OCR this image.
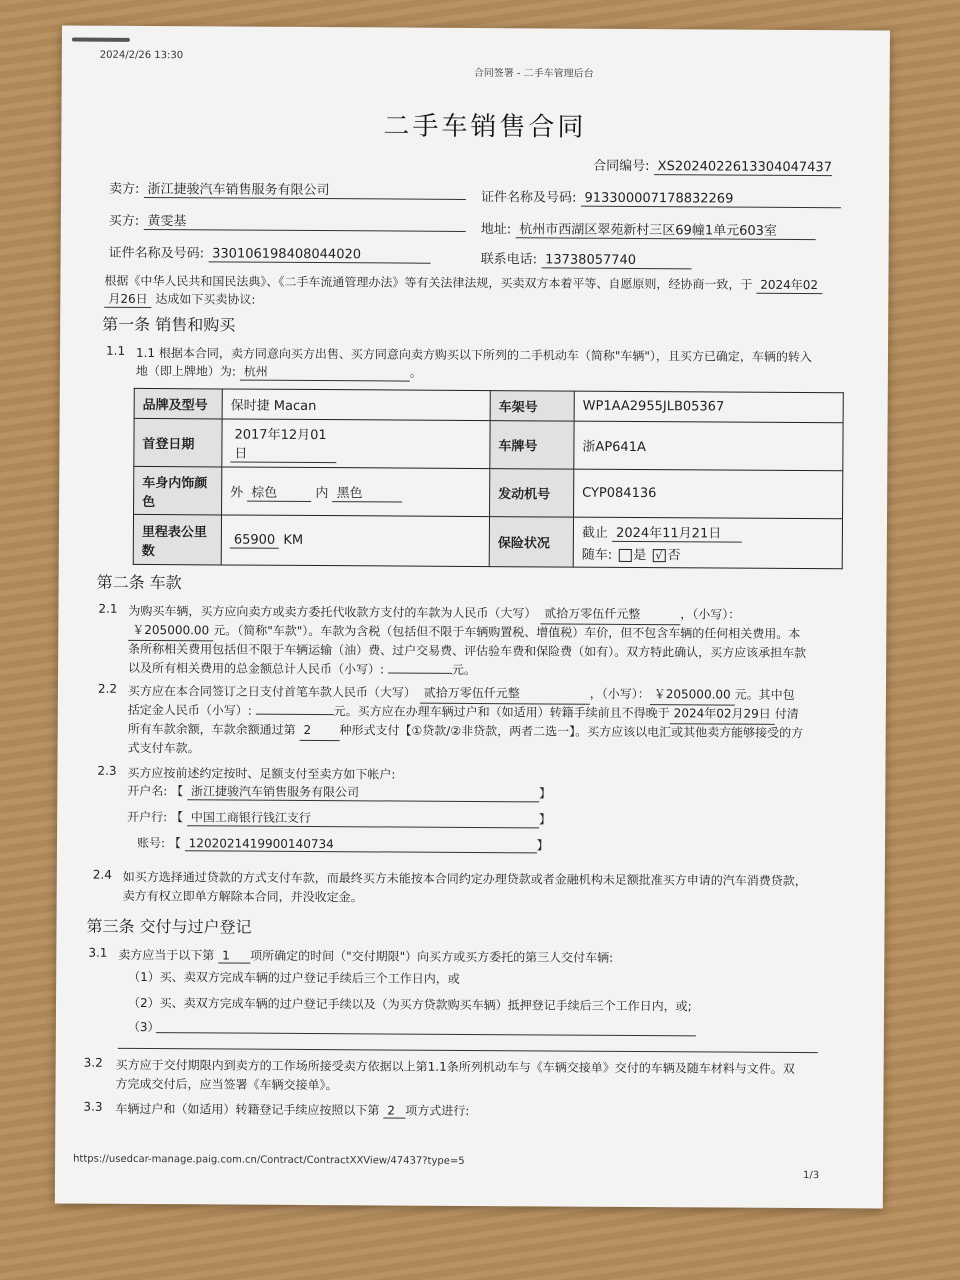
2024/2/26 13:30
合同签署 - 二手车管理后台
二手车销售合同
合同编号: XS2024022613304047437
卖方: 浙江捷骏汽车销售服务有限公司	证件名称及号码: 913300007178832269
买方: 黄雯基
地址: 杭州市西湖区翠苑新村三区69幢1单元603室
证件名称及号码: 330106198408044020	联系电话: 13738057740
根据《中华人民共和国民法典》、《二手车流通管理办法》等有关法律法规，买卖双方本着平等、自愿原则，经协商一致，于 2024年02
月26日 达成如下买卖协议:
第一条 销售和购买
1.1 1.1 根据本合同，卖方同意向买方出售、买方同意向卖方购买以下所列的二手机动车（简称"车辆"），且买方已确定，车辆的转入
地（即上牌地）为: 杭州	。
品牌及型号	保时捷 Macan	车架号	WP1AA2955JLB05367
首登日期	2017年12月01日	车牌号	浙AP641A
车身内饰颜色	外 棕色 内 黑色	发动机号	CYP084136
里程表公里数	65900 KM	保险状况	截止 2024年11月21日
随车: 是 √ 否
第二条 车款
2.1 为购买车辆，买方应向卖方或卖方委托代收款方支付的车款为人民币（大写） 贰拾万零伍仟元整	，（小写）：
￥205000.00 元。（简称"车款"）。车款为含税（包括但不限于车辆购置税、增值税）车价，但不包含车辆的任何相关费用。本
条所称相关费用包括但不限于车辆运输（油）费、过户交易费、评估验车费和保险费（如有）。双方特此确认，买方应该承担车款
以及所有相关费用的总金额总计人民币（小写）:	元。
2.2 买方应在本合同签订之日支付首笔车款人民币（大写） 贰拾万零伍仟元整	，（小写）： ￥205000.00 元。其中包
括定金人民币（小写）:	元。买方应在办理车辆过户和（如适用）转籍手续前且不得晚于 2024年02月29日 付清
所有车款余额，车款余额通过第 2 种形式支付【①贷款/②非贷款，两者二选一】。买方应该以电汇或其他卖方能够接受的方
式支付车款。
2.3 买方应按前述约定按时、足额支付至卖方如下帐户:
开户名: 【 浙江捷骏汽车销售服务有限公司	】
开户行: 【 中国工商银行钱江支行	】
账号: 【 1202021419900140734	】
2.4 如买方选择通过贷款的方式支付车款，而最终买方未能按本合同约定办理贷款或者金融机构未足额批准买方申请的汽车消费贷款，
卖方有权立即单方解除本合同，并没收定金。
第三条 交付与过户登记
3.1 卖方应当于以下第 1 项所确定的时间（"交付期限"）向买方或买方委托的第三人交付车辆:
（1）买、卖双方完成车辆的过户登记手续后三个工作日内，或
（2）买、卖双方完成车辆的过户登记手续以及（为买方贷款购买车辆）抵押登记手续后三个工作日内，或;
（3）
3.2 买方应于交付期限内到卖方的工作场所接受卖方依据以上第1.1条所列机动车与《车辆交接单》交付的车辆及随车材料与文件。双
方完成交付后，应当签署《车辆交接单》。
3.3 车辆过户和（如适用）转籍登记手续应按照以下第 2 项方式进行:
https://usedcar-manage.paig.com.cn/Contract/ContractXXView/47437?type=5
1/3
